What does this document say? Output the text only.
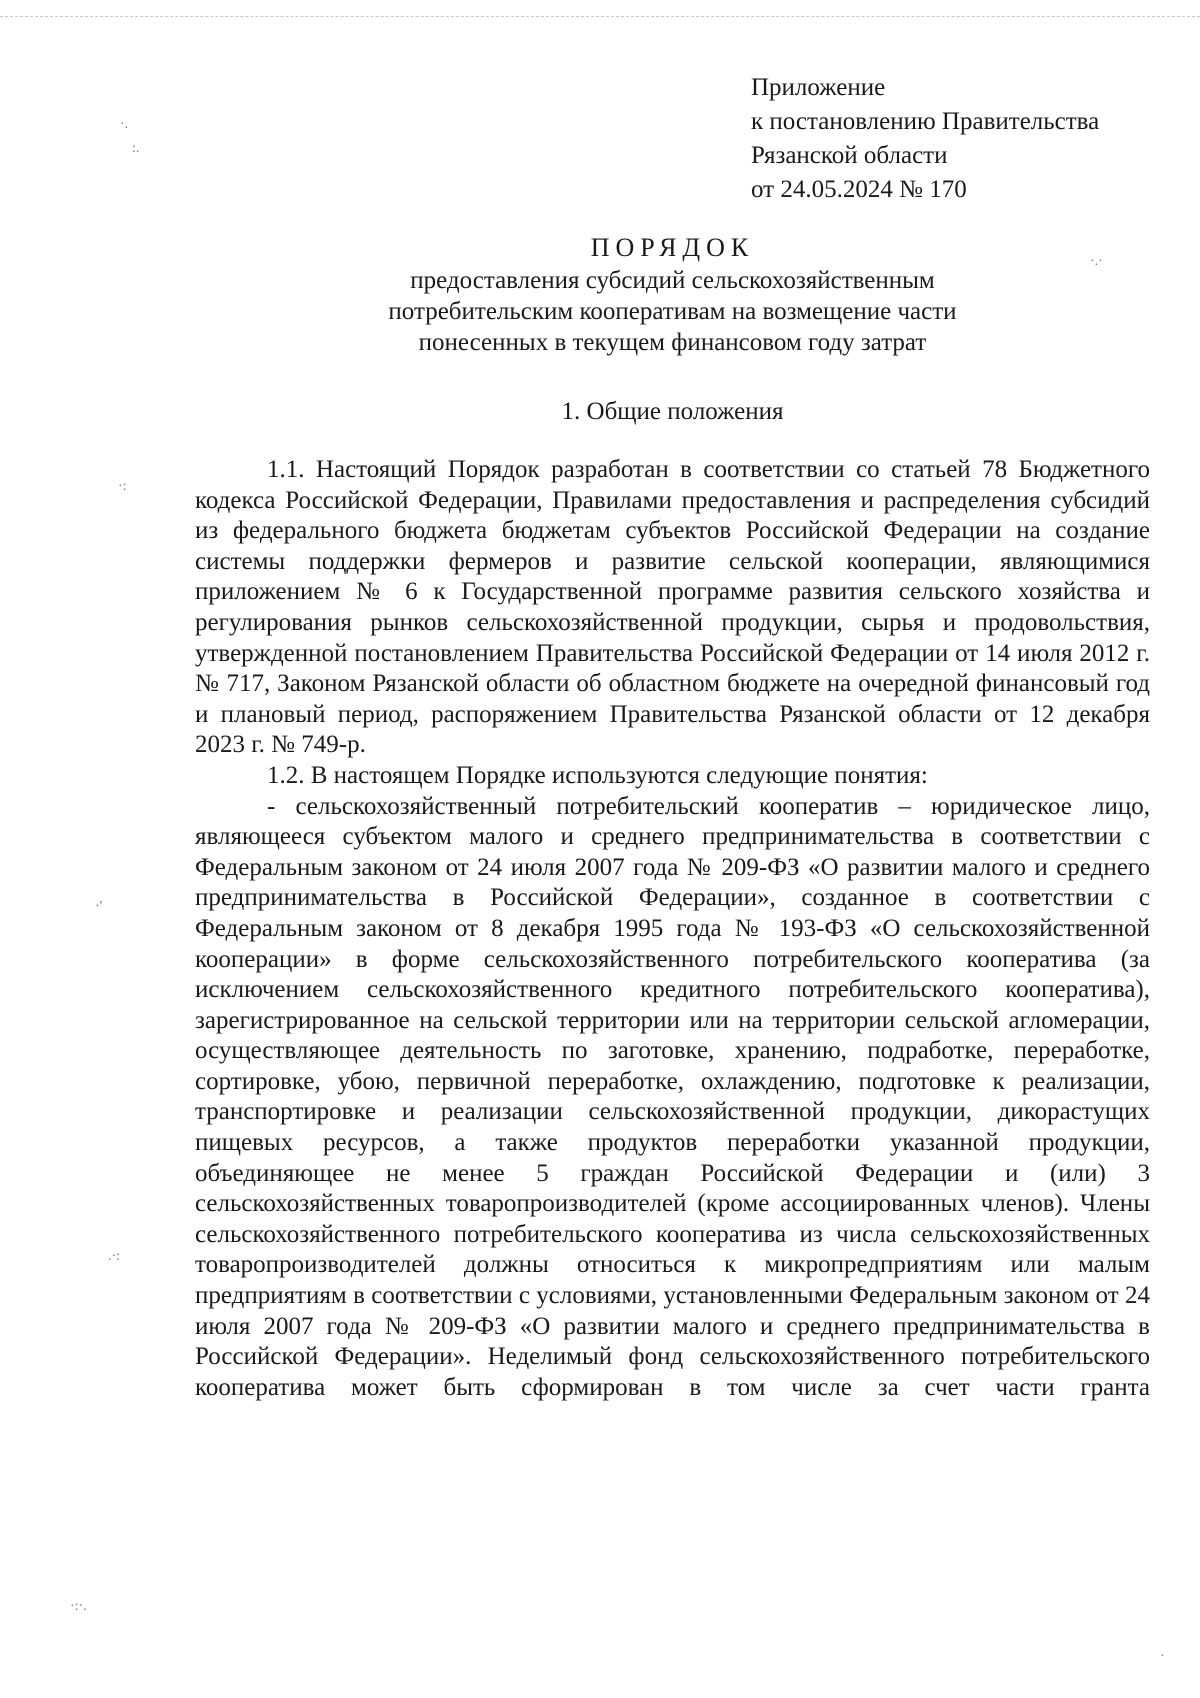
Приложение
к постановлению Правительства
Рязанской области
от 24.05.2024 № 170
ПОРЯДОК
предоставления субсидий сельскохозяйственным
потребительским кооперативам на возмещение части
понесенных в текущем финансовом году затрат
1. Общие положения

1.1. Настоящий Порядок разработан в соответствии со статьей 78 Бюджетного кодекса Российской Федерации, Правилами предоставления и распределения субсидий из федерального бюджета бюджетам субъектов Российской Федерации на создание системы поддержки фермеров и развитие сельской кооперации, являющимися приложением № 6 к Государственной программе развития сельского хозяйства и регулирования рынков сельскохозяйственной продукции, сырья и продовольствия, утвержденной постановлением Правительства Российской Федерации от 14 июля 2012 г. № 717, Законом Рязанской области об областном бюджете на очередной финансовый год и плановый период, распоряжением Правительства Рязанской области от 12 декабря 2023 г. № 749-р.

1.2. В настоящем Порядке используются следующие понятия:

- сельскохозяйственный потребительский кооператив – юридическое лицо, являющееся субъектом малого и среднего предпринимательства в соответствии с Федеральным законом от 24 июля 2007 года № 209-ФЗ «О развитии малого и среднего предпринимательства в Российской Федерации», созданное в соответствии с Федеральным законом от 8 декабря 1995 года № 193-ФЗ «О сельскохозяйственной кооперации» в форме сельскохозяйственного потребительского кооператива (за исключением сельскохозяйственного кредитного потребительского кооператива), зарегистрированное на сельской территории или на территории сельской агломерации, осуществляющее деятельность по заготовке, хранению, подработке, переработке, сортировке, убою, первичной переработке, охлаждению, подготовке к реализации, транспортировке и реализации сельскохозяйственной продукции, дикорастущих пищевых ресурсов, а также продуктов переработки указанной продукции, объединяющее не менее 5 граждан Российской Федерации и (или) 3 сельскохозяйственных товаропроизводителей (кроме ассоциированных членов). Члены сельскохозяйственного потребительского кооператива из числа сельскохозяйственных товаропроизводителей должны относиться к микропредприятиям или малым предприятиям в соответствии с условиями, установленными Федеральным законом от 24 июля 2007 года № 209-ФЗ «О развитии малого и среднего предпринимательства в Российской Федерации». Неделимый фонд сельскохозяйственного потребительского кооператива может быть сформирован в том числе за счет части гранта

·.
:.
·:
·'
.·:
·:·.
·.·
·
